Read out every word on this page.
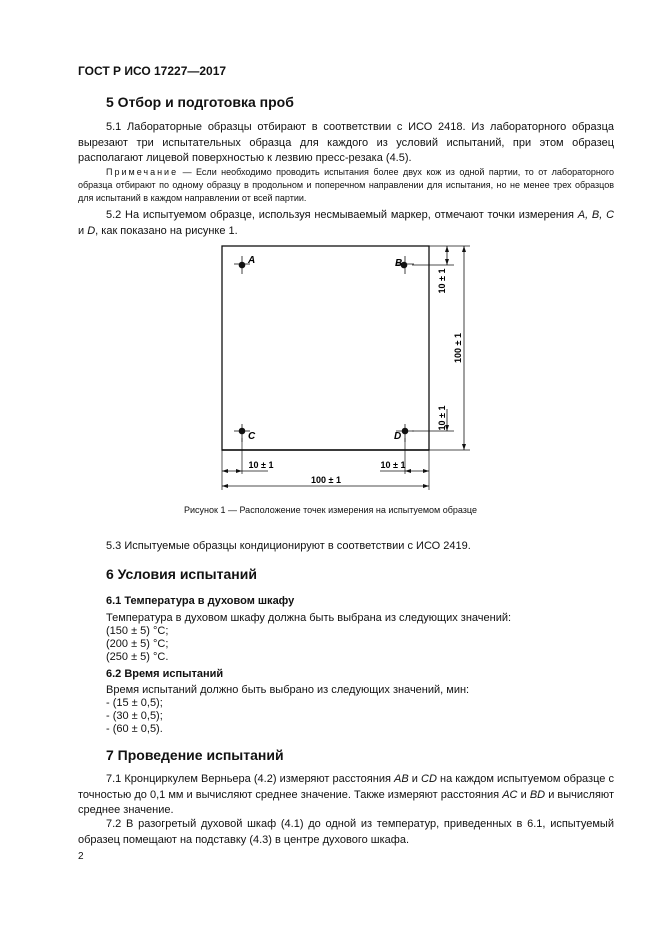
ГОСТ Р ИСО 17227—2017
5 Отбор и подготовка проб
5.1 Лабораторные образцы отбирают в соответствии с ИСО 2418. Из лабораторного образца вырезают три испытательных образца для каждого из условий испытаний, при этом образец располагают лицевой поверхностью к лезвию пресс-резака (4.5).
Примечание — Если необходимо проводить испытания более двух кож из одной партии, то от лабораторного образца отбирают по одному образцу в продольном и поперечном направлении для испытания, но не менее трех образцов для испытаний в каждом направлении от всей партии.
5.2 На испытуемом образце, используя несмываемый маркер, отмечают точки измерения A, B, C и D, как показано на рисунке 1.
A	B
C	D
10 ± 1
100 ± 1
10 ± 1
10 ± 1	10 ± 1
100 ± 1
Рисунок 1 — Расположение точек измерения на испытуемом образце
5.3 Испытуемые образцы кондиционируют в соответствии с ИСО 2419.
6 Условия испытаний
6.1 Температура в духовом шкафу
Температура в духовом шкафу должна быть выбрана из следующих значений:
(150 ± 5) °C;
(200 ± 5) °C;
(250 ± 5) °C.
6.2 Время испытаний
Время испытаний должно быть выбрано из следующих значений, мин:
- (15 ± 0,5);
- (30 ± 0,5);
- (60 ± 0,5).
7 Проведение испытаний
7.1 Кронциркулем Верньера (4.2) измеряют расстояния AB и CD на каждом испытуемом образце с точностью до 0,1 мм и вычисляют среднее значение. Также измеряют расстояния AC и BD и вычисляют среднее значение.
7.2 В разогретый духовой шкаф (4.1) до одной из температур, приведенных в 6.1, испытуемый образец помещают на подставку (4.3) в центре духового шкафа.
2
